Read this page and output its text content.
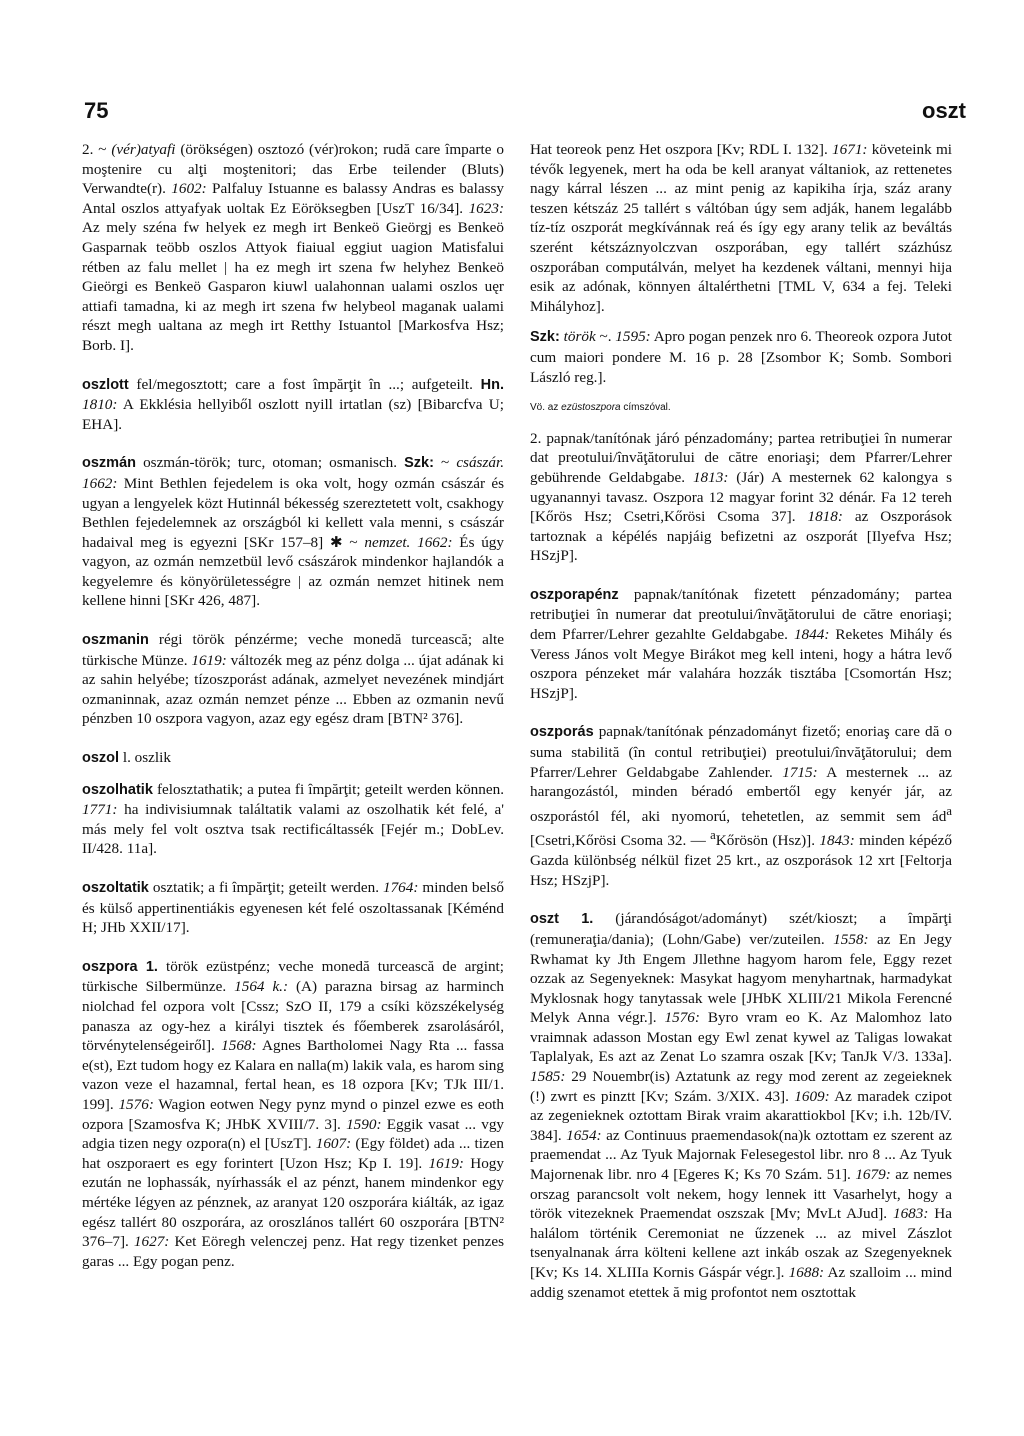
75	oszt

2. ~ (vér)atyafi (örökségen) osztozó (vér)rokon; rudă care împarte o moştenire cu alţi moştenitori; das Erbe teilender (Bluts) Verwandte(r). 1602: Palfaluy Istuanne es balassy Andras es balassy Antal oszlos attyafyak uoltak Ez Eöröksegben [UszT 16/34]. 1623: Az mely széna fw helyek ez megh irt Benkeö Gieörgj es Benkeö Gasparnak teöbb oszlos Attyok fiaiual eggiut uagion Matisfalui rétben az falu mellet | ha ez megh irt szena fw helyhez Benkeö Gieörgi es Benkeö Gasparon kiuwl ualahonnan ualami oszlos uęr attiafi tamadna, ki az megh irt szena fw helybeol maganak ualami részt megh ualtana az megh irt Retthy Istuantol [Markosfva Hsz; Borb. I].

oszlott fel/megosztott; care a fost împărţit în ...; aufgeteilt. Hn. 1810: A Ekklésia hellyiből oszlott nyill irtatlan (sz) [Bibarcfva U; EHA].

oszmán oszmán-török; turc, otoman; osmanisch. Szk: ~ császár. 1662: Mint Bethlen fejedelem is oka volt, hogy ozmán császár és ugyan a lengyelek közt Hutinnál békesség szereztetett volt, csakhogy Bethlen fejedelemnek az országból ki kellett vala menni, s császár hadaival meg is egyezni [SKr 157–8] ✱ ~ nemzet. 1662: És úgy vagyon, az ozmán nemzetbül levő császárok mindenkor hajlandók a kegyelemre és könyörületességre | az ozmán nemzet hitinek nem kellene hinni [SKr 426, 487].

oszmanin régi török pénzérme; veche monedă turcească; alte türkische Münze. 1619: változék meg az pénz dolga ... újat adának ki az sahin helyébe; tízoszporást adának, azmelyet nevezének mindjárt ozmaninnak, azaz ozmán nemzet pénze ... Ebben az ozmanin nevű pénzben 10 oszpora vagyon, azaz egy egész dram [BTN² 376].

oszol l. oszlik

oszolhatik felosztathatik; a putea fi împărţit; geteilt werden können. 1771: ha indivisiumnak találtatik valami az oszolhatik két felé, a' más mely fel volt osztva tsak rectificáltassék [Fejér m.; DobLev. II/428. 11a].

oszoltatik osztatik; a fi împărţit; geteilt werden. 1764: minden belső és külső appertinentiákis egyenesen két felé oszoltassanak [Kéménd H; JHb XXII/17].

oszpora 1. török ezüstpénz; veche monedă turcească de argint; türkische Silbermünze. 1564 k.: (A) parazna birsag az harminch niolchad fel ozpora volt [Cssz; SzO II, 179 a csíki közszékelység panasza az ogy-hez a királyi tisztek és főemberek zsarolásáról, törvénytelenségeiről]. 1568: Agnes Bartholomei Nagy Rta ... fassa e(st), Ezt tudom hogy ez Kalara en nalla(m) lakik vala, es harom sing vazon veze el hazamnal, fertal hean, es 18 ozpora [Kv; TJk III/1. 199]. 1576: Wagion eotwen Negy pynz mynd o pinzel ezwe es eoth ozpora [Szamosfva K; JHbK XVIII/7. 3]. 1590: Eggik vasat ... vgy adgia tizen negy ozpora(n) el [UszT]. 1607: (Egy földet) ada ... tizen hat oszporaert es egy forintert [Uzon Hsz; Kp I. 19]. 1619: Hogy ezután ne lophassák, nyírhassák el az pénzt, hanem mindenkor egy mértéke légyen az pénznek, az aranyat 120 oszporára kiálták, az igaz egész tallért 80 oszporára, az oroszlános tallért 60 oszporára [BTN² 376–7]. 1627: Ket Eöregh velenczej penz. Hat regy tizenket penzes garas ... Egy pogan penz.

Hat teoreok penz Het oszpora [Kv; RDL I. 132]. 1671: követeink mi tévők legyenek, mert ha oda be kell aranyat váltaniok, az rettenetes nagy kárral lészen ... az mint penig az kapikiha írja, száz arany teszen kétszáz 25 tallért s váltóban úgy sem adják, hanem legalább tíz-tíz oszporát megkívánnak reá és így egy arany telik az beváltás szerént kétszáznyolczvan oszporában, egy tallért százhúsz oszporában computálván, melyet ha kezdenek váltani, mennyi hija esik az adónak, könnyen általérthetni [TML V, 634 a fej. Teleki Mihályhoz].

Szk: török ~. 1595: Apro pogan penzek nro 6. Theoreok ozpora Jutot cum maiori pondere M. 16 p. 28 [Zsombor K; Somb. Sombori László reg.].

Vö. az ezüstoszpora címszóval.

2. papnak/tanítónak járó pénzadomány; partea retribuţiei în numerar dat preotului/învăţătorului de către enoriaşi; dem Pfarrer/Lehrer gebührende Geldabgabe. 1813: (Jár) A mesternek 62 kalongya s ugyanannyi tavasz. Oszpora 12 magyar forint 32 dénár. Fa 12 tereh [Kőrös Hsz; Csetri,Kőrösi Csoma 37]. 1818: az Oszporások tartoznak a képélés napjáig befizetni az oszporát [Ilyefva Hsz; HSzjP].

oszporapénz papnak/tanítónak fizetett pénzadomány; partea retribuţiei în numerar dat preotului/învăţătorului de către enoriaşi; dem Pfarrer/Lehrer gezahlte Geldabgabe. 1844: Reketes Mihály és Veress János volt Megye Birákot meg kell inteni, hogy a hátra levő oszpora pénzeket már valahára hozzák tisztába [Csomortán Hsz; HSzjP].

oszporás papnak/tanítónak pénzadományt fizető; enoriaş care dă o suma stabilită (în contul retribuţiei) preotului/învăţătorului; dem Pfarrer/Lehrer Geldabgabe Zahlender. 1715: A mesternek ... az harangozástól, minden béradó embertől egy kenyér jár, az oszporástól fél, aki nyomorú, tehetetlen, az semmit sem $ád^a$ [Csetri,Kőrösi Csoma 32. — $^a$Kőrösön (Hsz)]. 1843: minden képéző Gazda különbség nélkül fizet 25 krt., az oszporások 12 xrt [Feltorja Hsz; HSzjP].

oszt 1. (járandóságot/adományt) szét/kioszt; a împărţi (remuneraţia/dania); (Lohn/Gabe) ver/zuteilen. 1558: az En Jegy Rwhamat ky Jth Engem Jllethne hagyom harom fele, Eggy rezet ozzak az Segenyeknek: Masykat hagyom menyhartnak, harmadykat Myklosnak hogy tanytassak wele [JHbK XLIII/21 Mikola Ferencné Melyk Anna végr.]. 1576: Byro vram eo K. Az Malomhoz lato vraimnak adasson Mostan egy Ewl zenat kywel az Taligas lowakat Taplalyak, Es azt az Zenat Lo szamra oszak [Kv; TanJk V/3. 133a]. 1585: 29 Nouembr(is) Aztatunk az regy mod zerent az zegeieknek (!) zwrt es pinztt [Kv; Szám. 3/XIX. 43]. 1609: Az maradek czipot az zegenieknek oztottam Birak vraim akarattiokbol [Kv; i.h. 12b/IV. 384]. 1654: az Continuus praemendasok(na)k oztottam ez szerent az praemendat ... Az Tyuk Majornak Felesegestol libr. nro 8 ... Az Tyuk Majornenak libr. nro 4 [Egeres K; Ks 70 Szám. 51]. 1679: az nemes orszag parancsolt volt nekem, hogy lennek itt Vasarhelyt, hogy a török vitezeknek Praemendat oszszak [Mv; MvLt AJud]. 1683: Ha halálom történik Ceremoniat ne űzzenek ... az mivel Zászlot tsenyalnanak árra költeni kellene azt inkáb oszak az Szegenyeknek [Kv; Ks 14. XLIIIa Kornis Gáspár végr.]. 1688: Az szalloim ... mind addig szenamot etettek ă mig profontot nem osztottak
